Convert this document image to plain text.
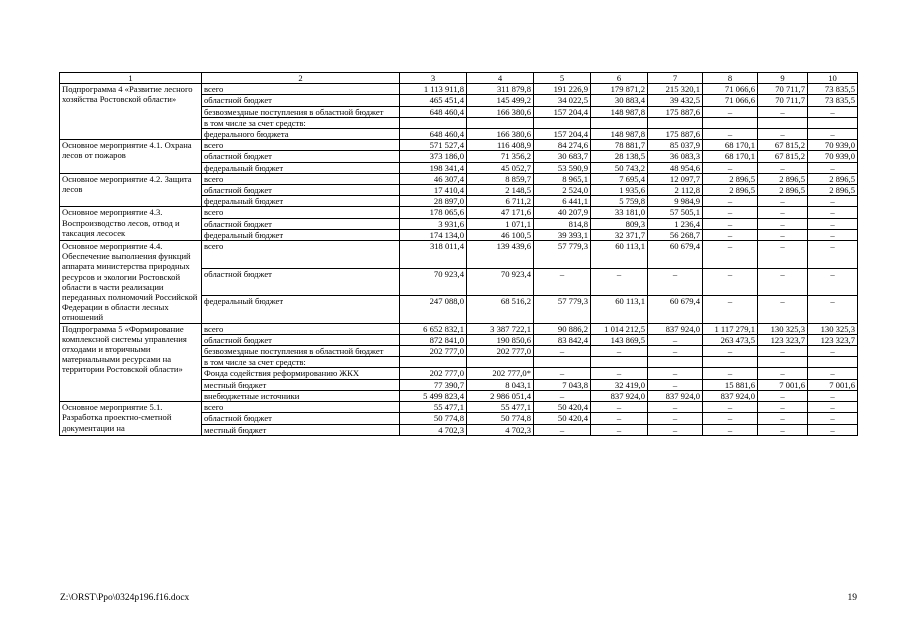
1	2	3	4	5	6	7	8	9	10
Подпрограмма 4 «Развитие лесного хозяйства Ростовской области»	всего	1 113 911,8	311 879,8	191 226,9	179 871,2	215 320,1	71 066,6	70 711,7	73 835,5
	областной бюджет	465 451,4	145 499,2	34 022,5	30 883,4	39 432,5	71 066,6	70 711,7	73 835,5
	безвозмездные поступления в областной бюджет	648 460,4	166 380,6	157 204,4	148 987,8	175 887,6	–	–	–
	в том числе за счет средств:								
	федерального бюджета	648 460,4	166 380,6	157 204,4	148 987,8	175 887,6	–	–	–
Основное мероприятие 4.1. Охрана лесов от пожаров	всего	571 527,4	116 408,9	84 274,6	78 881,7	85 037,9	68 170,1	67 815,2	70 939,0
	областной бюджет	373 186,0	71 356,2	30 683,7	28 138,5	36 083,3	68 170,1	67 815,2	70 939,0
	федеральный бюджет	198 341,4	45 052,7	53 590,9	50 743,2	48 954,6	–	–	–
Основное мероприятие 4.2. Защита лесов	всего	46 307,4	8 859,7	8 965,1	7 695,4	12 097,7	2 896,5	2 896,5	2 896,5
	областной бюджет	17 410,4	2 148,5	2 524,0	1 935,6	2 112,8	2 896,5	2 896,5	2 896,5
	федеральный бюджет	28 897,0	6 711,2	6 441,1	5 759,8	9 984,9	–	–	–
Основное мероприятие 4.3. Воспроизводство лесов, отвод и таксация лесосек	всего	178 065,6	47 171,6	40 207,9	33 181,0	57 505,1	–	–	–
	областной бюджет	3 931,6	1 071,1	814,8	809,3	1 236,4	–	–	–
	федеральный бюджет	174 134,0	46 100,5	39 393,1	32 371,7	56 268,7	–	–	–
Основное мероприятие 4.4. Обеспечение выполнения функций аппарата министерства природных ресурсов и экологии Ростовской области в части реализации переданных полномочий Российской Федерации в области лесных отношений	всего	318 011,4	139 439,6	57 779,3	60 113,1	60 679,4	–	–	–
	областной бюджет	70 923,4	70 923,4	–	–	–	–	–	–
	федеральный бюджет	247 088,0	68 516,2	57 779,3	60 113,1	60 679,4	–	–	–
Подпрограмма 5 «Формирование комплексной системы управления отходами и вторичными материальными ресурсами на территории Ростовской области»	всего	6 652 832,1	3 387 722,1	90 886,2	1 014 212,5	837 924,0	1 117 279,1	130 325,3	130 325,3
	областной бюджет	872 841,0	190 850,6	83 842,4	143 869,5	–	263 473,5	123 323,7	123 323,7
	безвозмездные поступления в областной бюджет	202 777,0	202 777,0	–	–	–	–	–	–
	в том числе за счет средств:								
	Фонда содействия реформированию ЖКХ	202 777,0	202 777,0*	–	–	–	–	–	–
	местный бюджет	77 390,7	8 043,1	7 043,8	32 419,0	–	15 881,6	7 001,6	7 001,6
	внебюджетные источники	5 499 823,4	2 986 051,4	–	837 924,0	837 924,0	837 924,0	–	–
Основное мероприятие 5.1. Разработка проектно-сметной документации на	всего	55 477,1	55 477,1	50 420,4	–	–	–	–	–
	областной бюджет	50 774,8	50 774,8	50 420,4	–	–	–	–	–
	местный бюджет	4 702,3	4 702,3	–	–	–	–	–	–
Z:\ORST\Ppo\0324p196.f16.docx	19
